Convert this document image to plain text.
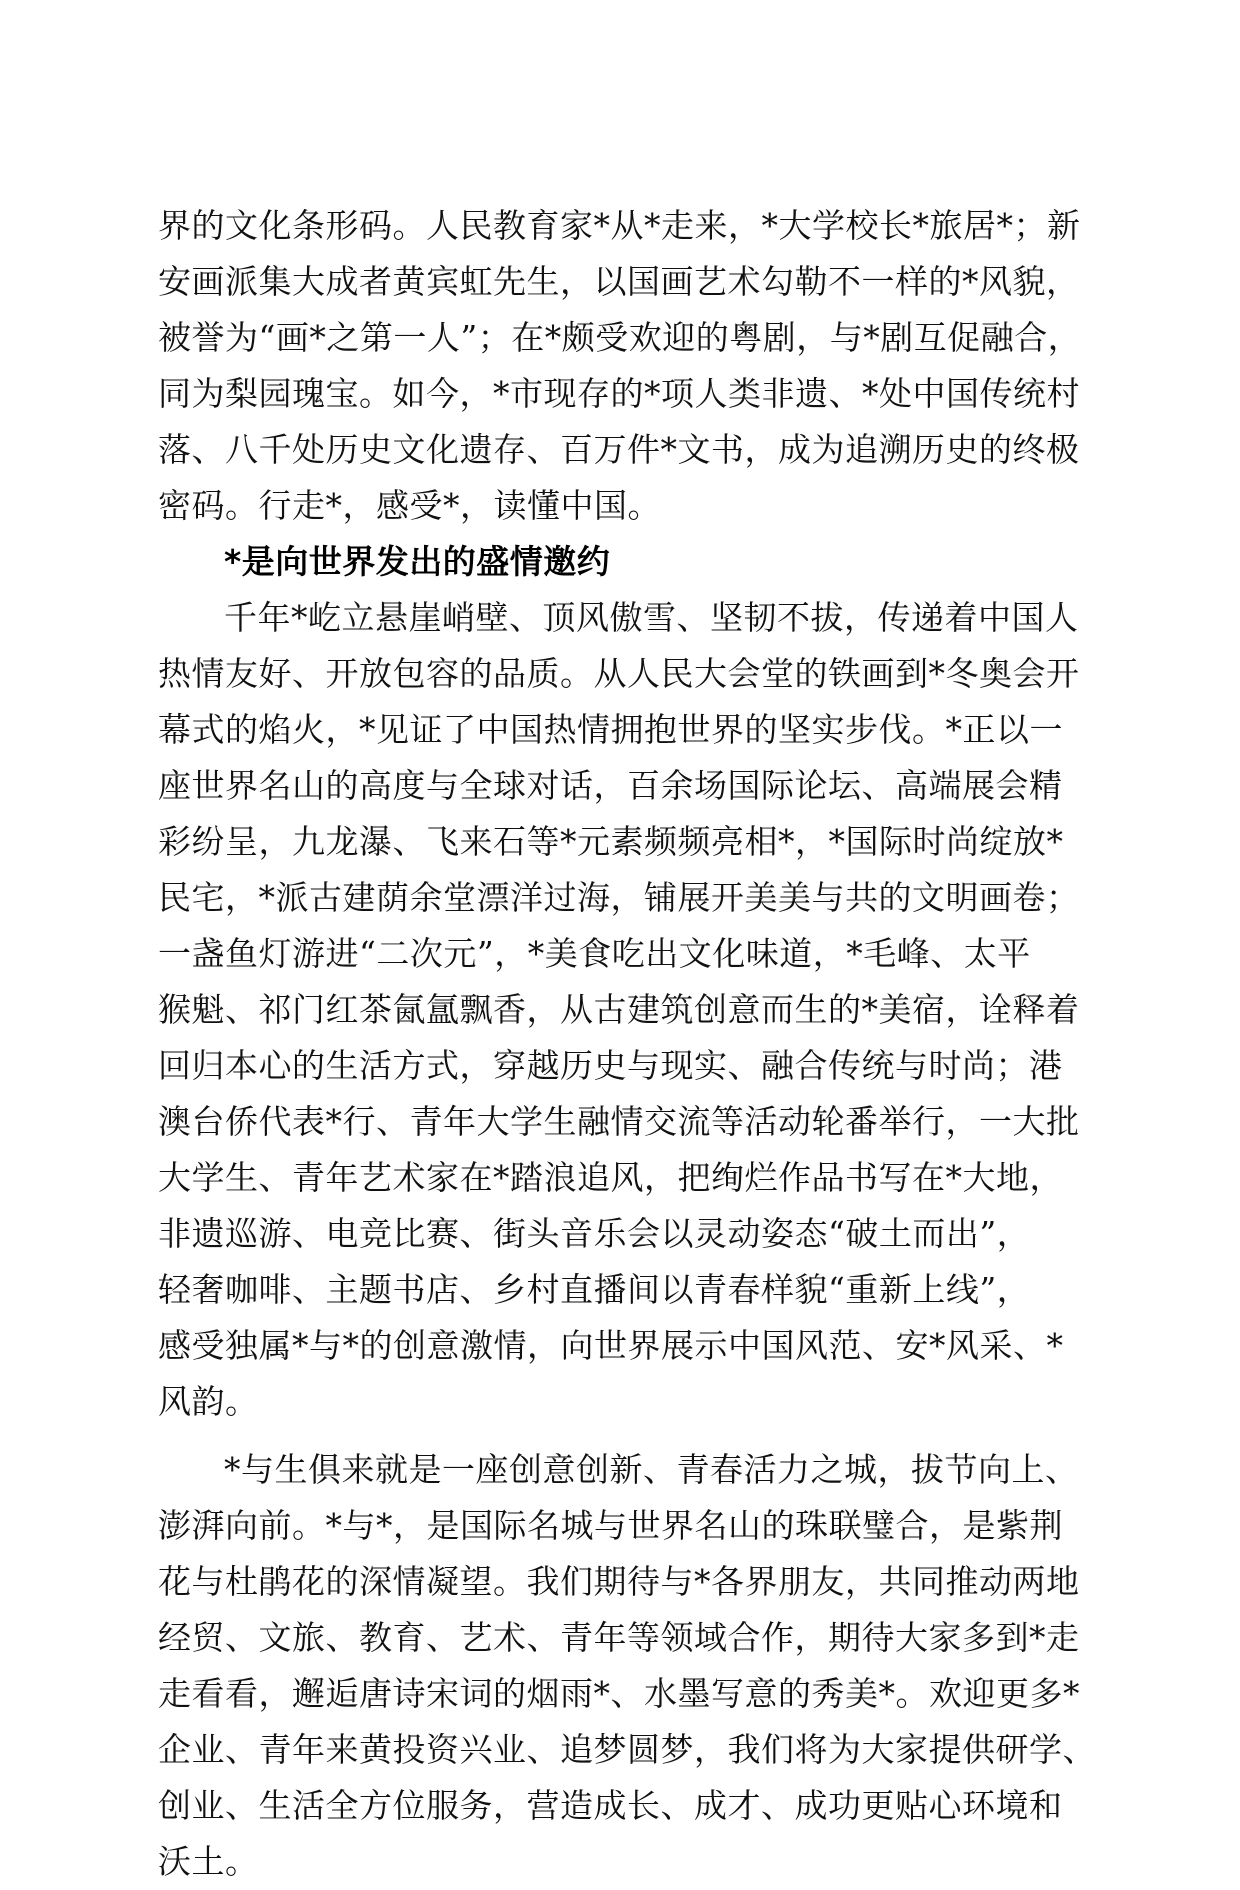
界的文化条形码。人民教育家*从*走来，*大学校长*旅居*；新
安画派集大成者黄宾虹先生，以国画艺术勾勒不一样的*风貌，
被誉为“画*之第一人”；在*颇受欢迎的粤剧，与*剧互促融合，
同为梨园瑰宝。如今，*市现存的*项人类非遗、*处中国传统村
落、八千处历史文化遗存、百万件*文书，成为追溯历史的终极
密码。行走*，感受*，读懂中国。
*是向世界发出的盛情邀约
千年*屹立悬崖峭壁、顶风傲雪、坚韧不拔，传递着中国人
热情友好、开放包容的品质。从人民大会堂的铁画到*冬奥会开
幕式的焰火，*见证了中国热情拥抱世界的坚实步伐。*正以一
座世界名山的高度与全球对话，百余场国际论坛、高端展会精
彩纷呈，九龙瀑、飞来石等*元素频频亮相*，*国际时尚绽放*
民宅，*派古建荫余堂漂洋过海，铺展开美美与共的文明画卷；
一盏鱼灯游进“二次元”，*美食吃出文化味道，*毛峰、太平
猴魁、祁门红茶氤氲飘香，从古建筑创意而生的*美宿，诠释着
回归本心的生活方式，穿越历史与现实、融合传统与时尚；港
澳台侨代表*行、青年大学生融情交流等活动轮番举行，一大批
大学生、青年艺术家在*踏浪追风，把绚烂作品书写在*大地，
非遗巡游、电竞比赛、街头音乐会以灵动姿态“破土而出”，
轻奢咖啡、主题书店、乡村直播间以青春样貌“重新上线”，
感受独属*与*的创意激情，向世界展示中国风范、安*风采、*
风韵。
*与生俱来就是一座创意创新、青春活力之城，拔节向上、
澎湃向前。*与*，是国际名城与世界名山的珠联璧合，是紫荆
花与杜鹃花的深情凝望。我们期待与*各界朋友，共同推动两地
经贸、文旅、教育、艺术、青年等领域合作，期待大家多到*走
走看看，邂逅唐诗宋词的烟雨*、水墨写意的秀美*。欢迎更多*
企业、青年来黄投资兴业、追梦圆梦，我们将为大家提供研学、
创业、生活全方位服务，营造成长、成才、成功更贴心环境和
沃土。
